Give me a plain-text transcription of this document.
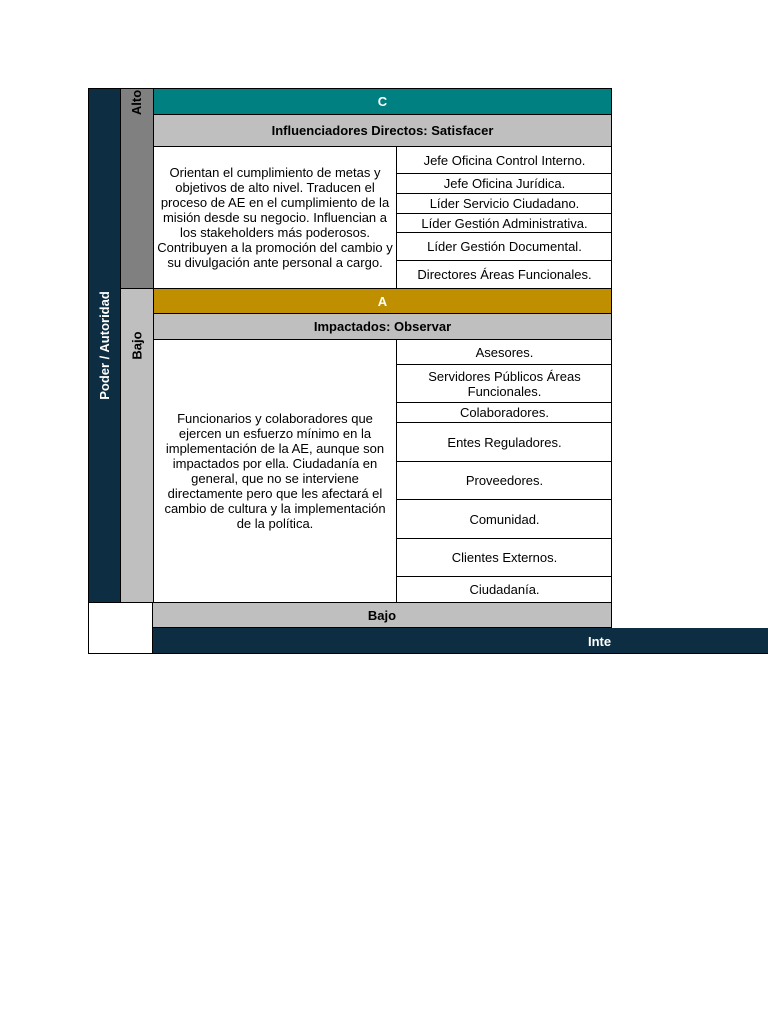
Poder / Autoridad
Alto
Bajo
C
Influenciadores Directos: Satisfacer
Orientan el cumplimiento de metas y objetivos de alto nivel. Traducen el proceso de AE en el cumplimiento de la misión desde su negocio. Influencian a los stakeholders más poderosos. Contribuyen a la promoción del cambio y su divulgación ante personal a cargo.
Jefe Oficina Control Interno.
Jefe Oficina Jurídica.
Líder Servicio Ciudadano.
Líder Gestión Administrativa.
Líder Gestión Documental.
Directores Áreas Funcionales.
A
Impactados: Observar
Funcionarios y colaboradores que ejercen un esfuerzo mínimo en la implementación de la AE, aunque son impactados por ella. Ciudadanía en general, que no se interviene directamente pero que les afectará el cambio de cultura y la implementación de la política.
Asesores.
Servidores Públicos Áreas Funcionales.
Colaboradores.
Entes Reguladores.
Proveedores.
Comunidad.
Clientes Externos.
Ciudadanía.
Bajo
Inte
